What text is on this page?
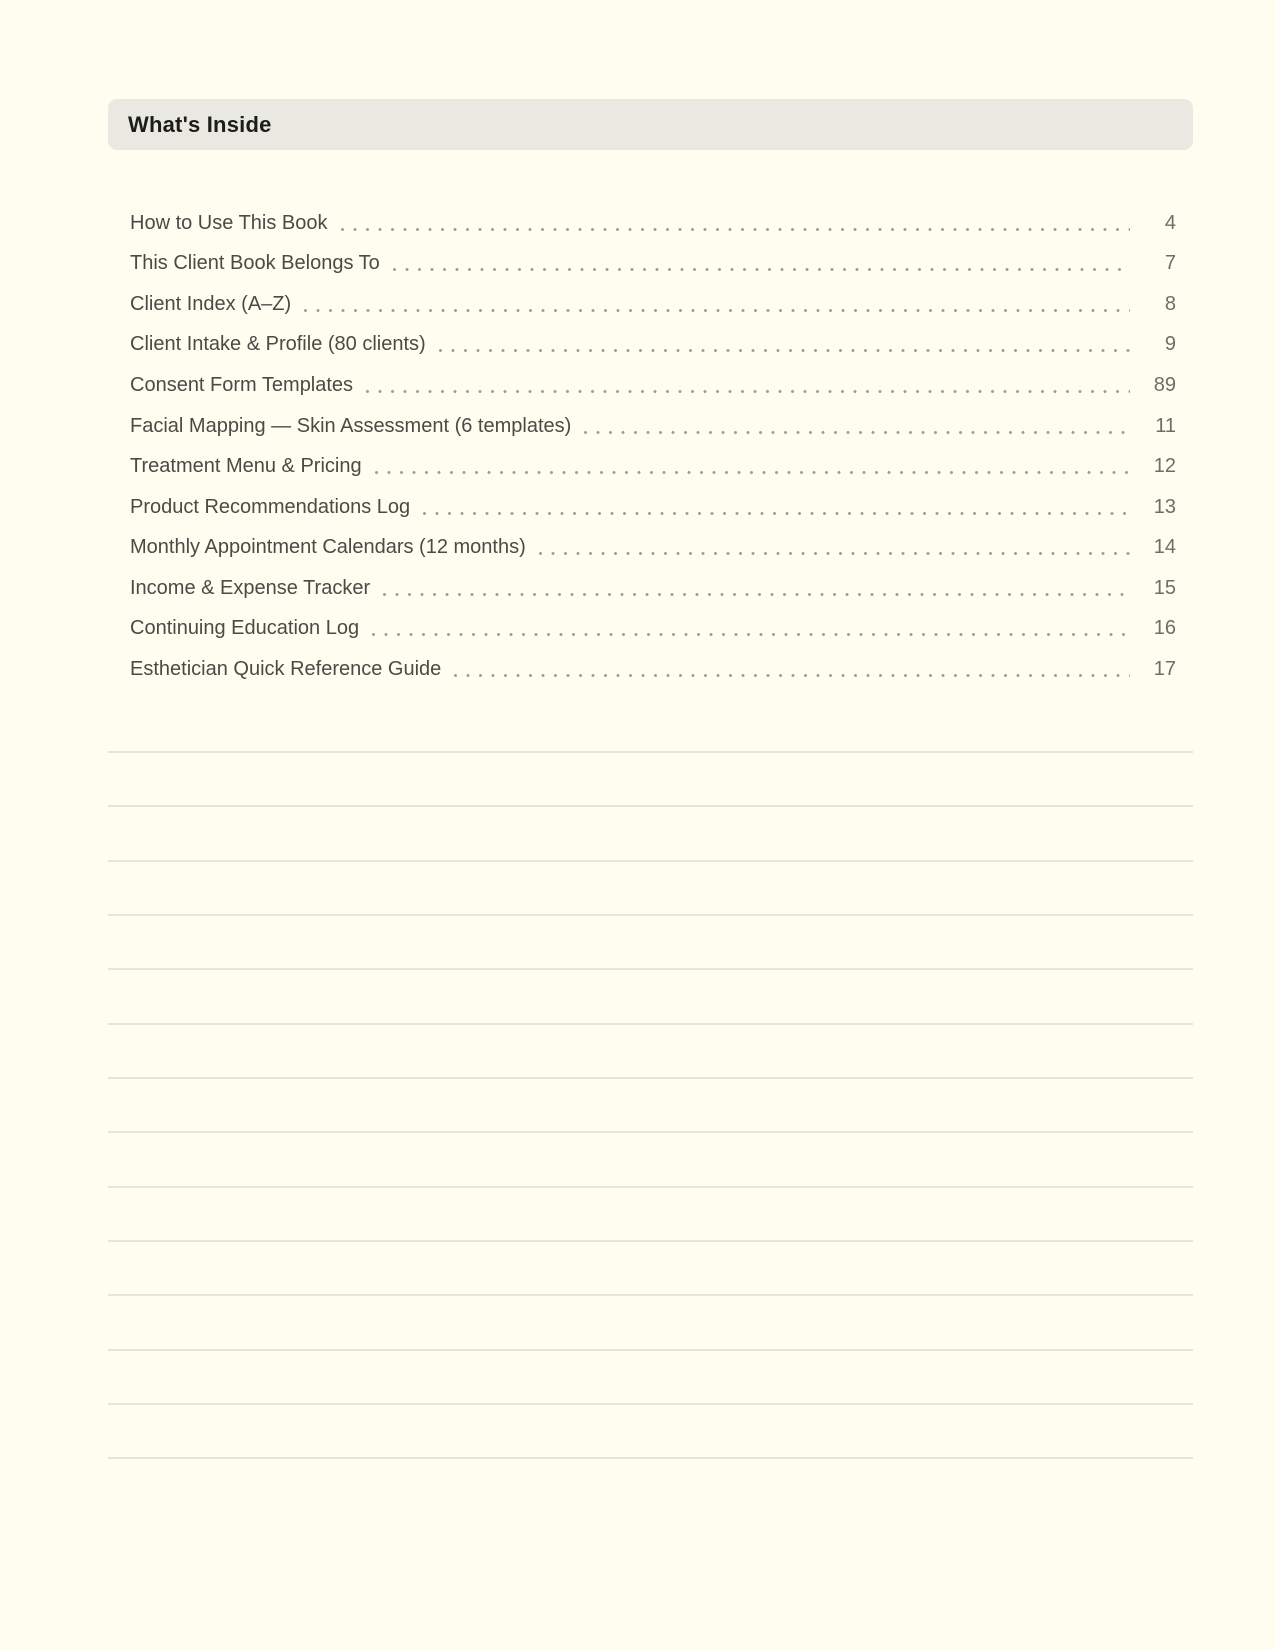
What's Inside
How to Use This Book	4
This Client Book Belongs To	7
Client Index (A–Z)	8
Client Intake & Profile (80 clients)	9
Consent Form Templates	89
Facial Mapping — Skin Assessment (6 templates)	11
Treatment Menu & Pricing	12
Product Recommendations Log	13
Monthly Appointment Calendars (12 months)	14
Income & Expense Tracker	15
Continuing Education Log	16
Esthetician Quick Reference Guide	17
